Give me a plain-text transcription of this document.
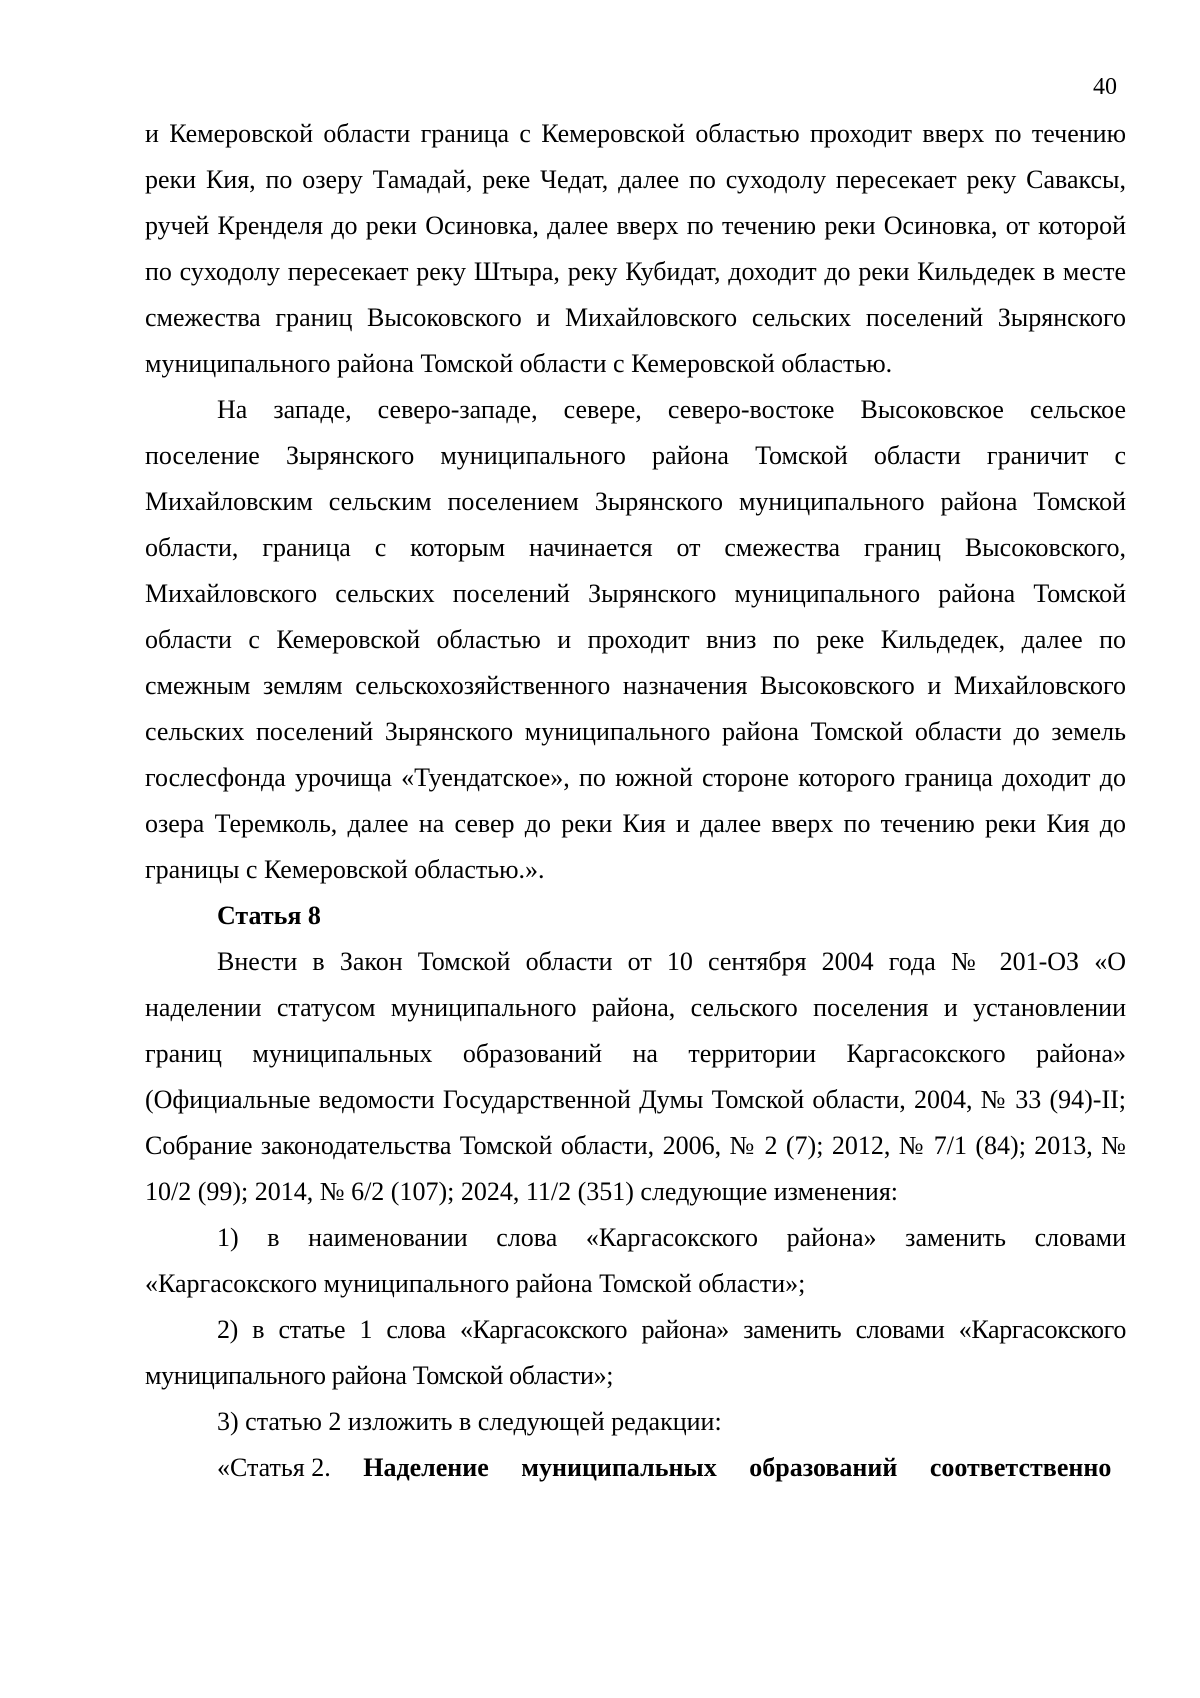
40

и Кемеровской области граница с Кемеровской областью проходит вверх по течению реки Кия, по озеру Тамадай, реке Чедат, далее по суходолу пересекает реку Саваксы, ручей Кренделя до реки Осиновка, далее вверх по течению реки Осиновка, от которой по суходолу пересекает реку Штыра, реку Кубидат, доходит до реки Кильдедек в месте смежества границ Высоковского и Михайловского сельских поселений Зырянского муниципального района Томской области с Кемеровской областью.

На западе, северо-западе, севере, северо-востоке Высоковское сельское поселение Зырянского муниципального района Томской области граничит с Михайловским сельским поселением Зырянского муниципального района Томской области, граница с которым начинается от смежества границ Высоковского, Михайловского сельских поселений Зырянского муниципального района Томской области с Кемеровской областью и проходит вниз по реке Кильдедек, далее по смежным землям сельскохозяйственного назначения Высоковского и Михайловского сельских поселений Зырянского муниципального района Томской области до земель гослесфонда урочища «Туендатское», по южной стороне которого граница доходит до озера Теремколь, далее на север до реки Кия и далее вверх по течению реки Кия до границы с Кемеровской областью.».

Статья 8

Внести в Закон Томской области от 10 сентября 2004 года № 201-ОЗ «О наделении статусом муниципального района, сельского поселения и установлении границ муниципальных образований на территории Каргасокского района» (Официальные ведомости Государственной Думы Томской области, 2004, № 33 (94)-II; Собрание законодательства Томской области, 2006, № 2 (7); 2012, № 7/1 (84); 2013, № 10/2 (99); 2014, № 6/2 (107); 2024, 11/2 (351) следующие изменения:

1) в наименовании слова «Каргасокского района» заменить словами «Каргасокского муниципального района Томской области»;

2) в статье 1 слова «Каргасокского района» заменить словами «Каргасокского муниципального района Томской области»;

3) статью 2 изложить в следующей редакции:

«Статья 2. Наделение муниципальных образований соответственно
